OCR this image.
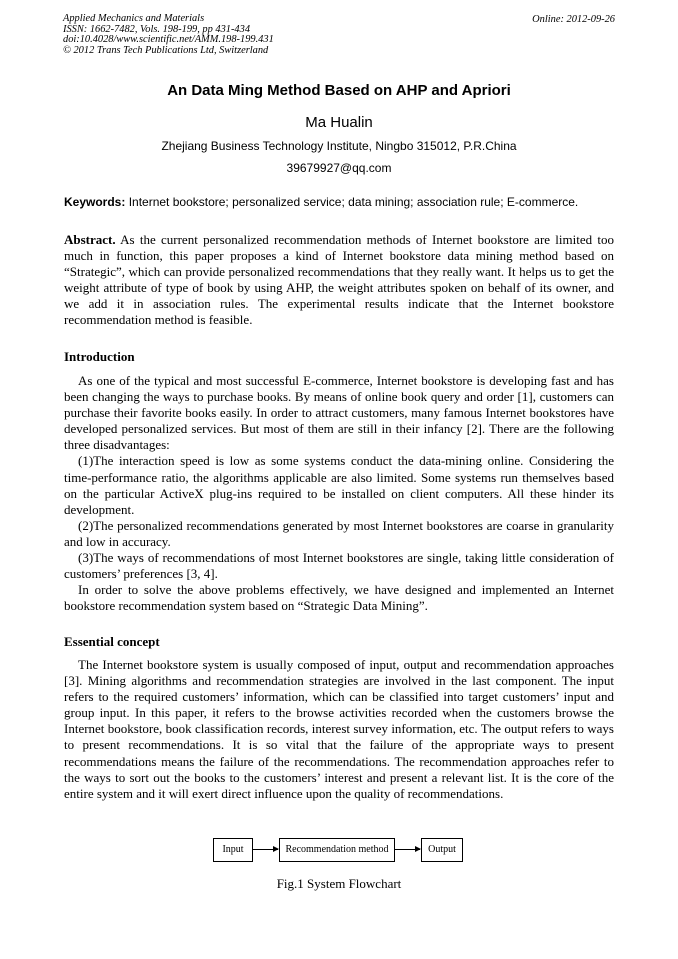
Applied Mechanics and Materials
ISSN: 1662-7482, Vols. 198-199, pp 431-434
doi:10.4028/www.scientific.net/AMM.198-199.431
© 2012 Trans Tech Publications Ltd, Switzerland
Online: 2012-09-26
An Data Ming Method Based on AHP and Apriori
Ma Hualin
Zhejiang Business Technology Institute, Ningbo 315012, P.R.China
39679927@qq.com
Keywords: Internet bookstore; personalized service; data mining; association rule; E-commerce.

Abstract. As the current personalized recommendation methods of Internet bookstore are limited too much in function, this paper proposes a kind of Internet bookstore data mining method based on “Strategic”, which can provide personalized recommendations that they really want. It helps us to get the weight attribute of type of book by using AHP, the weight attributes spoken on behalf of its owner, and we add it in association rules. The experimental results indicate that the Internet bookstore recommendation method is feasible.

Introduction

As one of the typical and most successful E-commerce, Internet bookstore is developing fast and has been changing the ways to purchase books. By means of online book query and order [1], customers can purchase their favorite books easily. In order to attract customers, many famous Internet bookstores have developed personalized services. But most of them are still in their infancy [2]. There are the following three disadvantages:

(1)The interaction speed is low as some systems conduct the data-mining online. Considering the time-performance ratio, the algorithms applicable are also limited. Some systems run themselves based on the particular ActiveX plug-ins required to be installed on client computers. All these hinder its development.

(2)The personalized recommendations generated by most Internet bookstores are coarse in granularity and low in accuracy.

(3)The ways of recommendations of most Internet bookstores are single, taking little consideration of customers’ preferences [3, 4].

In order to solve the above problems effectively, we have designed and implemented an Internet bookstore recommendation system based on “Strategic Data Mining”.

Essential concept

The Internet bookstore system is usually composed of input, output and recommendation approaches [3]. Mining algorithms and recommendation strategies are involved in the last component. The input refers to the required customers’ information, which can be classified into target customers’ input and group input. In this paper, it refers to the browse activities recorded when the customers browse the Internet bookstore, book classification records, interest survey information, etc. The output refers to ways to present recommendations. It is so vital that the failure of the appropriate ways to present recommendations means the failure of the recommendations. The recommendation approaches refer to the ways to sort out the books to the customers’ interest and present a relevant list. It is the core of the entire system and it will exert direct influence upon the quality of recommendations.

Input	Recommendation method	Output
Fig.1 System Flowchart
